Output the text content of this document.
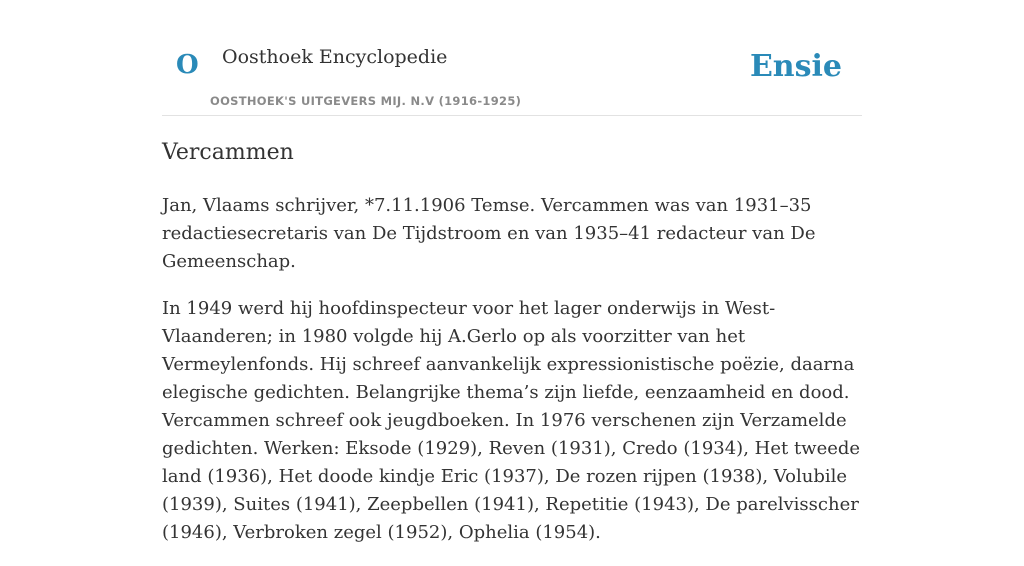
O Oosthoek Encyclopedie
OOSTHOEK'S UITGEVERS MIJ. N.V (1916-1925)
Ensie
Vercammen

Jan, Vlaams schrijver, *7.11.1906 Temse. Vercammen was van 1931–35 redactiesecretaris van De Tijdstroom en van 1935–41 redacteur van De Gemeenschap.

In 1949 werd hij hoofdinspecteur voor het lager onderwijs in West-Vlaanderen; in 1980 volgde hij A.Gerlo op als voorzitter van het Vermeylenfonds. Hij schreef aanvankelijk expressionistische poëzie, daarna elegische gedichten. Belangrijke thema’s zijn liefde, eenzaamheid en dood. Vercammen schreef ook jeugdboeken. In 1976 verschenen zijn Verzamelde gedichten. Werken: Eksode (1929), Reven (1931), Credo (1934), Het tweede land (1936), Het doode kindje Eric (1937), De rozen rijpen (1938), Volubile (1939), Suites (1941), Zeepbellen (1941), Repetitie (1943), De parelvisscher (1946), Verbroken zegel (1952), Ophelia (1954).
